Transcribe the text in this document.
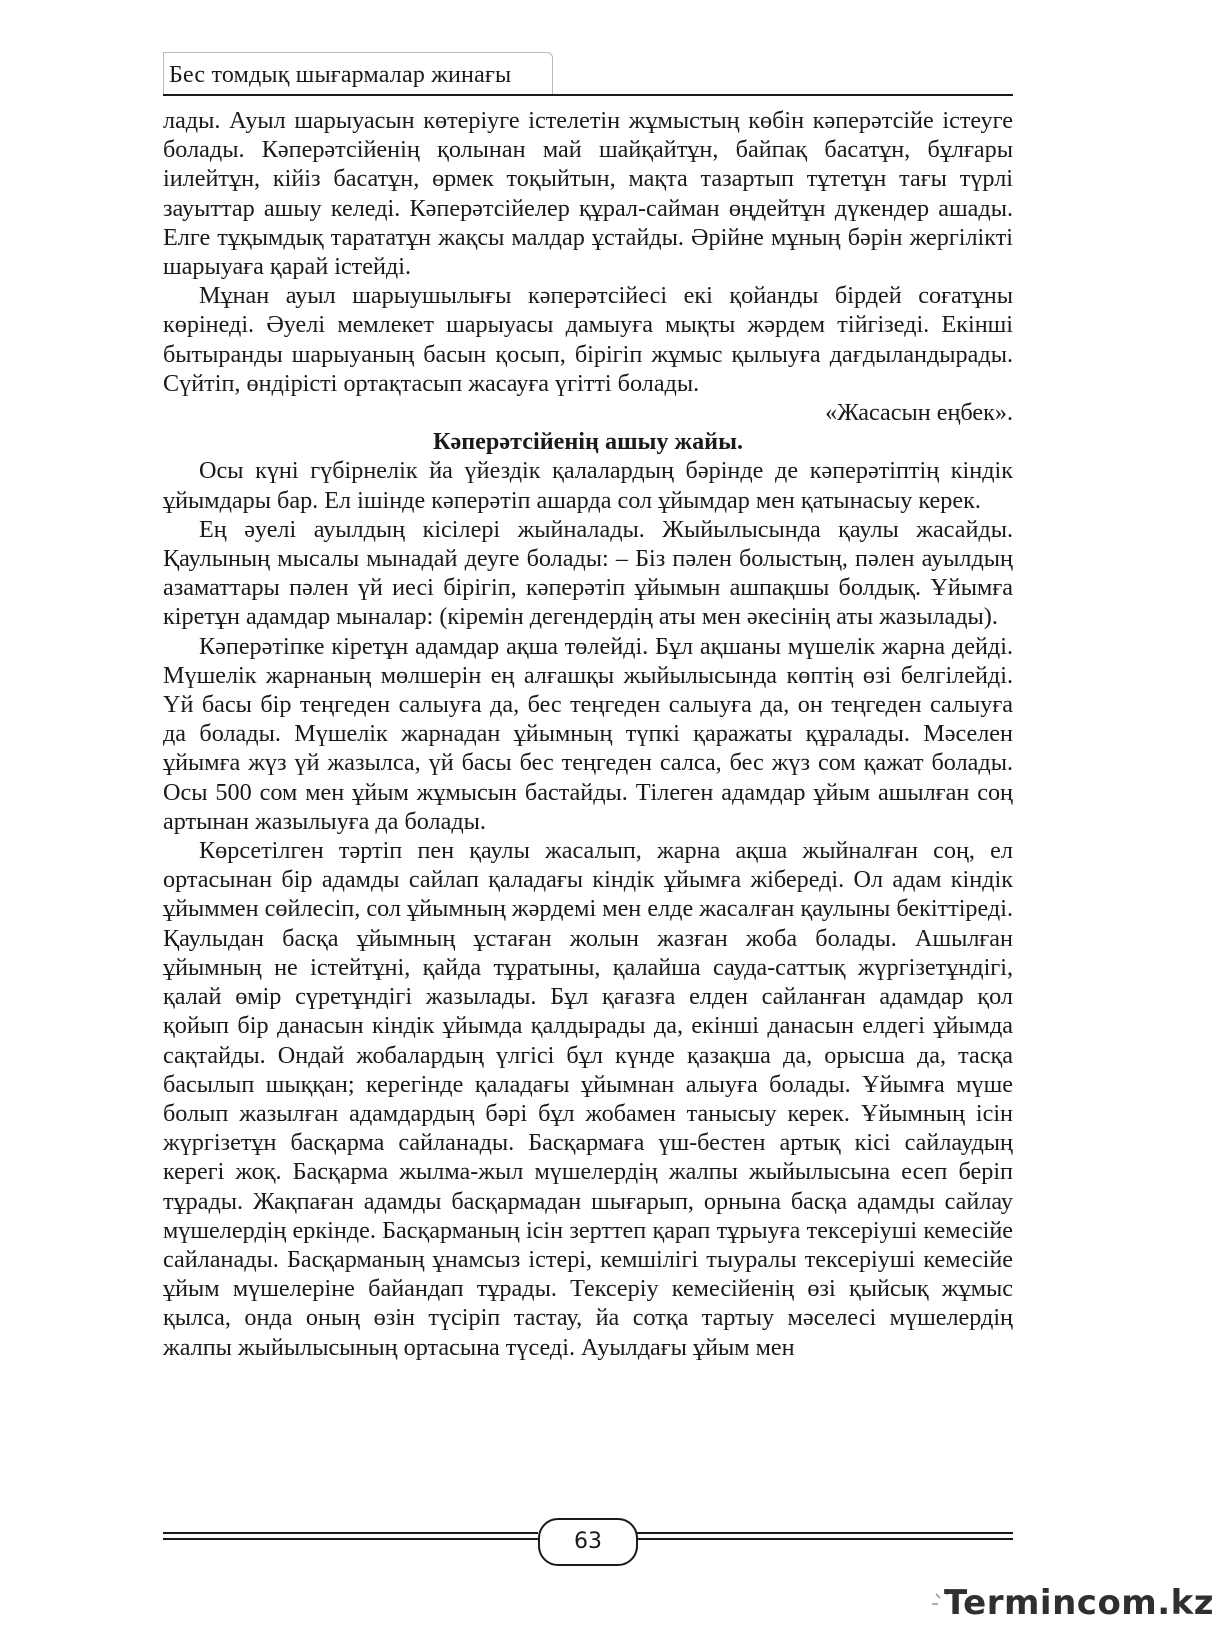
Бес томдық шығармалар жинағы

лады. Ауыл шарыуасын көтеріуге істелетін жұмыстың көбін кәперәтсійе істеуге болады. Кәперәтсійенің қолынан май шайқайтұн, байпақ басатұн, бұлғары іилейтұн, кійіз басатұн, өрмек тоқыйтын, мақта тазартып тұтетұн тағы түрлі зауыттар ашыу келеді. Кәперәтсійелер құрал-сайман өңдейтұн дүкендер ашады. Елге тұқымдық тарататұн жақсы малдар ұстайды. Әрійне мұның бәрін жергілікті шарыуаға қарай істейді.

Мұнан ауыл шарыушылығы кәперәтсійесі екі қойанды бірдей соғатұны көрінеді. Әуелі мемлекет шарыуасы дамыуға мықты жәрдем тійгізеді. Екінші бытыранды шарыуаның басын қосып, бірігіп жұмыс қылыуға дағдыландырады. Сүйтіп, өндірісті ортақтасып жасауға үгітті болады.

«Жасасын еңбек».

Кәперәтсійенің ашыу жайы.

Осы күні гүбірнелік йа үйездік қалалардың бәрінде де кәперәтіптің кіндік ұйымдары бар. Ел ішінде кәперәтіп ашарда сол ұйымдар мен қатынасыу керек.

Ең әуелі ауылдың кісілері жыйналады. Жыйылысында қаулы жасайды. Қаулының мысалы мынадай деуге болады: – Біз пәлен болыстың, пәлен ауылдың азаматтары пәлен үй иесі бірігіп, кәперәтіп ұйымын ашпақшы болдық. Ұйымға кіретұн адамдар мыналар: (кіремін дегендердің аты мен әкесінің аты жазылады).

Кәперәтіпке кіретұн адамдар ақша төлейді. Бұл ақшаны мүшелік жарна дейді. Мүшелік жарнаның мөлшерін ең алғашқы жыйылысында көптің өзі белгілейді. Үй басы бір теңгеден салыуға да, бес теңгеден салыуға да, он теңгеден салыуға да болады. Мүшелік жарнадан ұйымның түпкі қаражаты құралады. Мәселен ұйымға жүз үй жазылса, үй басы бес теңгеден салса, бес жүз сом қажат болады. Осы 500 сом мен ұйым жұмысын бастайды. Тілеген адамдар ұйым ашылған соң артынан жазылыуға да болады.

Көрсетілген тәртіп пен қаулы жасалып, жарна ақша жыйналған соң, ел ортасынан бір адамды сайлап қаладағы кіндік ұйымға жібереді. Ол адам кіндік ұйыммен сөйлесіп, сол ұйымның жәрдемі мен елде жасалған қаулыны бекіттіреді. Қаулыдан басқа ұйымның ұстаған жолын жазған жоба болады. Ашылған ұйымның не істейтұні, қайда тұратыны, қалайша сауда-саттық жүргізетұндігі, қалай өмір сүретұндігі жазылады. Бұл қағазға елден сайланған адамдар қол қойып бір данасын кіндік ұйымда қалдырады да, екінші данасын елдегі ұйымда сақтайды. Ондай жобалардың үлгісі бұл күнде қазақша да, орысша да, тасқа басылып шыққан; керегінде қаладағы ұйымнан алыуға болады. Ұйымға мүше болып жазылған адамдардың бәрі бұл жобамен танысыу керек. Ұйымның ісін жүргізетұн басқарма сайланады. Басқармаға үш-бестен артық кісі сайлаудың керегі жоқ. Басқарма жылма-жыл мүшелердің жалпы жыйылысына есеп беріп тұрады. Жақпаған адамды басқармадан шығарып, орнына басқа адамды сайлау мүшелердің еркінде. Басқарманың ісін зерттеп қарап тұрыуға тексеріуші кемесійе сайланады. Басқарманың ұнамсыз істері, кемшілігі тыуралы тексеріуші кемесійе ұйым мүшелеріне байандап тұрады. Тексеріу кемесійенің өзі қыйсық жұмыс қылса, онда оның өзін түсіріп тастау, йа сотқа тартыу мәселесі мүшелердің жалпы жыйылысының ортасына түседі. Ауылдағы ұйым мен

63
Termincom.kz
